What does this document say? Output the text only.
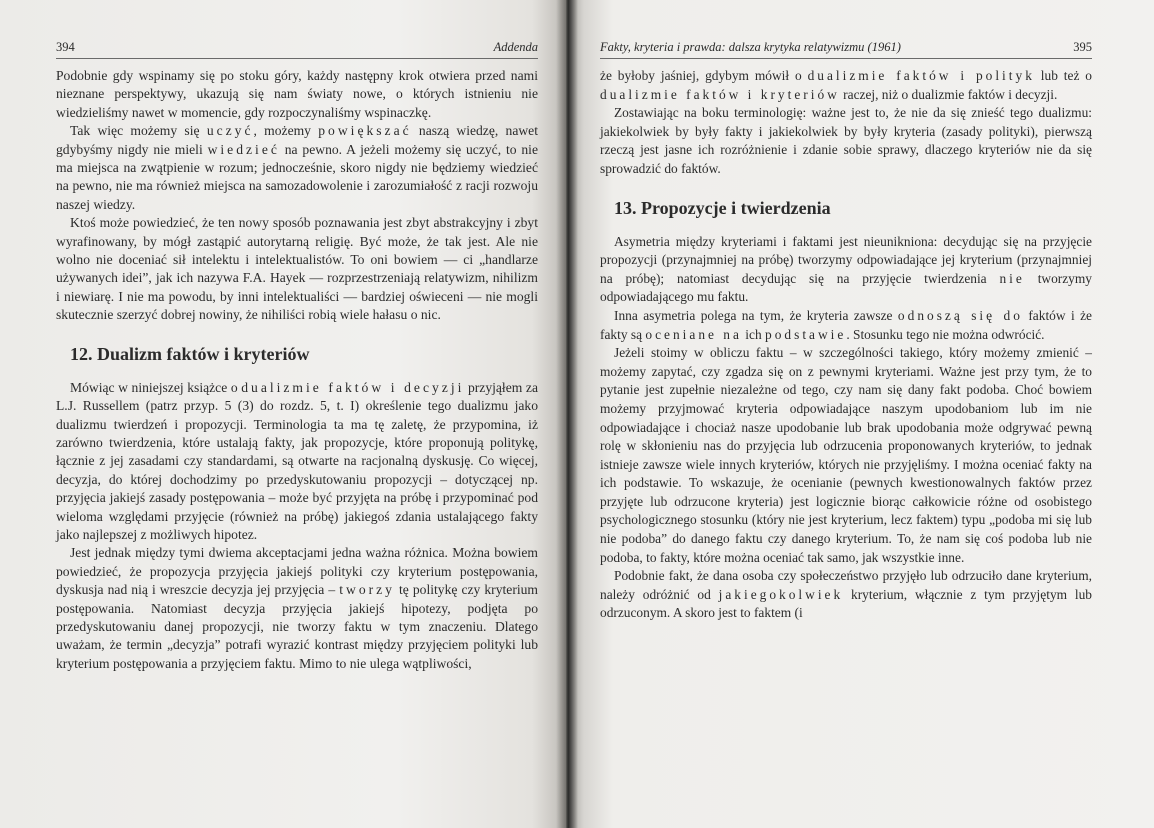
394	Addenda

Podobnie gdy wspinamy się po stoku góry, każdy następny krok otwiera przed nami nieznane perspektywy, ukazują się nam światy nowe, o których istnieniu nie wiedzieliśmy nawet w momencie, gdy rozpoczynaliśmy wspinaczkę.

Tak więc możemy się uczyć, możemy powiększać naszą wiedzę, nawet gdybyśmy nigdy nie mieli wiedzieć na pewno. A jeżeli możemy się uczyć, to nie ma miejsca na zwątpienie w rozum; jednocześnie, skoro nigdy nie będziemy wiedzieć na pewno, nie ma również miejsca na samozadowolenie i zarozumiałość z racji rozwoju naszej wiedzy.

Ktoś może powiedzieć, że ten nowy sposób poznawania jest zbyt abstrakcyjny i zbyt wyrafinowany, by mógł zastąpić autorytarną religię. Być może, że tak jest. Ale nie wolno nie doceniać sił intelektu i intelektualistów. To oni bowiem — ci „handlarze używanych idei”, jak ich nazywa F.A. Hayek — rozprzestrzeniają relatywizm, nihilizm i niewiarę. I nie ma powodu, by inni intelektualiści — bardziej oświeceni — nie mogli skutecznie szerzyć dobrej nowiny, że nihiliści robią wiele hałasu o nic.

12. Dualizm faktów i kryteriów

Mówiąc w niniejszej książce o dualizmie faktów i decyzji przyjąłem za L.J. Russellem (patrz przyp. 5 (3) do rozdz. 5, t. I) określenie tego dualizmu jako dualizmu twierdzeń i propozycji. Terminologia ta ma tę zaletę, że przypomina, iż zarówno twierdzenia, które ustalają fakty, jak propozycje, które proponują politykę, łącznie z jej zasadami czy standardami, są otwarte na racjonalną dyskusję. Co więcej, decyzja, do której dochodzimy po przedyskutowaniu propozycji – dotyczącej np. przyjęcia jakiejś zasady postępowania – może być przyjęta na próbę i przypominać pod wieloma względami przyjęcie (również na próbę) jakiegoś zdania ustalającego fakty jako najlepszej z możliwych hipotez.

Jest jednak między tymi dwiema akceptacjami jedna ważna różnica. Można bowiem powiedzieć, że propozycja przyjęcia jakiejś polityki czy kryterium postępowania, dyskusja nad nią i wreszcie decyzja jej przyjęcia – tworzy tę politykę czy kryterium postępowania. Natomiast decyzja przyjęcia jakiejś hipotezy, podjęta po przedyskutowaniu danej propozycji, nie tworzy faktu w tym znaczeniu. Dlatego uważam, że termin „decyzja” potrafi wyrazić kontrast między przyjęciem polityki lub kryterium postępowania a przyjęciem faktu. Mimo to nie ulega wątpliwości,

Fakty, kryteria i prawda: dalsza krytyka relatywizmu (1961)	395

że byłoby jaśniej, gdybym mówił o dualizmie faktów i polityk lub też o dualizmie faktów i kryteriów raczej, niż o dualizmie faktów i decyzji.

Zostawiając na boku terminologię: ważne jest to, że nie da się znieść tego dualizmu: jakiekolwiek by były fakty i jakiekolwiek by były kryteria (zasady polityki), pierwszą rzeczą jest jasne ich rozróżnienie i zdanie sobie sprawy, dlaczego kryteriów nie da się sprowadzić do faktów.

13. Propozycje i twierdzenia

Asymetria między kryteriami i faktami jest nieunikniona: decydując się na przyjęcie propozycji (przynajmniej na próbę) tworzymy odpowiadające jej kryterium (przynajmniej na próbę); natomiast decydując się na przyjęcie twierdzenia nie tworzymy odpowiadającego mu faktu.

Inna asymetria polega na tym, że kryteria zawsze odnoszą się do faktów i że fakty są oceniane na ich podstawie. Stosunku tego nie można odwrócić.

Jeżeli stoimy w obliczu faktu – w szczególności takiego, który możemy zmienić – możemy zapytać, czy zgadza się on z pewnymi kryteriami. Ważne jest przy tym, że to pytanie jest zupełnie niezależne od tego, czy nam się dany fakt podoba. Choć bowiem możemy przyjmować kryteria odpowiadające naszym upodobaniom lub im nie odpowiadające i chociaż nasze upodobanie lub brak upodobania może odgrywać pewną rolę w skłonieniu nas do przyjęcia lub odrzucenia proponowanych kryteriów, to jednak istnieje zawsze wiele innych kryteriów, których nie przyjęliśmy. I można oceniać fakty na ich podstawie. To wskazuje, że ocenianie (pewnych kwestionowalnych faktów przez przyjęte lub odrzucone kryteria) jest logicznie biorąc całkowicie różne od osobistego psychologicznego stosunku (który nie jest kryterium, lecz faktem) typu „podoba mi się lub nie podoba” do danego faktu czy danego kryterium. To, że nam się coś podoba lub nie podoba, to fakty, które można oceniać tak samo, jak wszystkie inne.

Podobnie fakt, że dana osoba czy społeczeństwo przyjęło lub odrzuciło dane kryterium, należy odróżnić od jakiegokolwiek kryterium, włącznie z tym przyjętym lub odrzuconym. A skoro jest to faktem (i
